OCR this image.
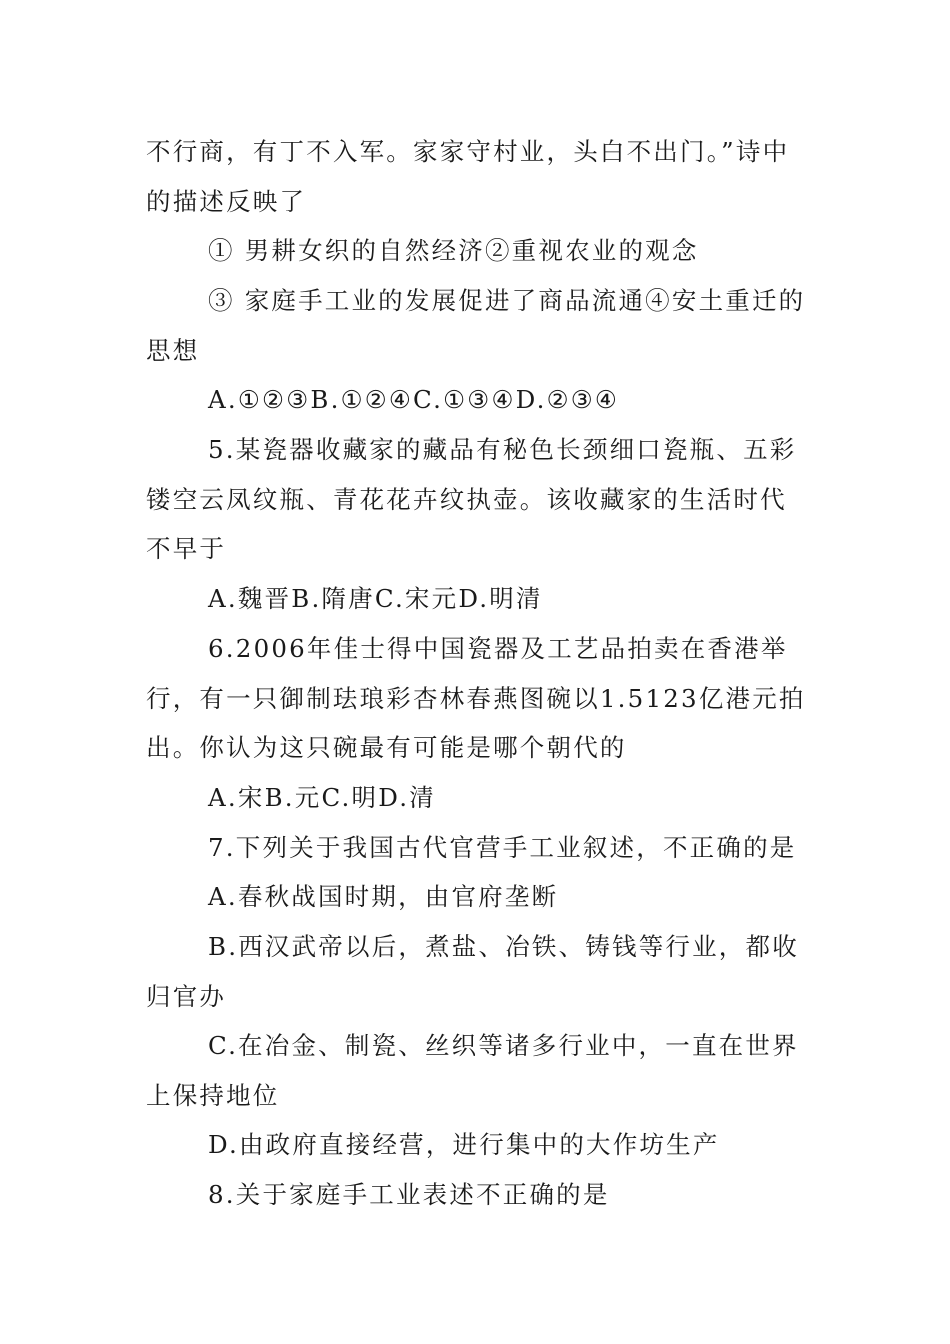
不行商，有丁不入军。家家守村业，头白不出门。”诗中的描述反映了
① 男耕女织的自然经济②重视农业的观念
③ 家庭手工业的发展促进了商品流通④安土重迁的思想
A.①②③B.①②④C.①③④D.②③④
5.某瓷器收藏家的藏品有秘色长颈细口瓷瓶、五彩镂空云凤纹瓶、青花花卉纹执壶。该收藏家的生活时代不早于
A.魏晋B.隋唐C.宋元D.明清
6.2006年佳士得中国瓷器及工艺品拍卖在香港举行，有一只御制珐琅彩杏林春燕图碗以1.5123亿港元拍出。你认为这只碗最有可能是哪个朝代的
A.宋B.元C.明D.清
7.下列关于我国古代官营手工业叙述，不正确的是
A.春秋战国时期，由官府垄断
B.西汉武帝以后，煮盐、冶铁、铸钱等行业，都收归官办
C.在冶金、制瓷、丝织等诸多行业中，一直在世界上保持地位
D.由政府直接经营，进行集中的大作坊生产
8.关于家庭手工业表述不正确的是
